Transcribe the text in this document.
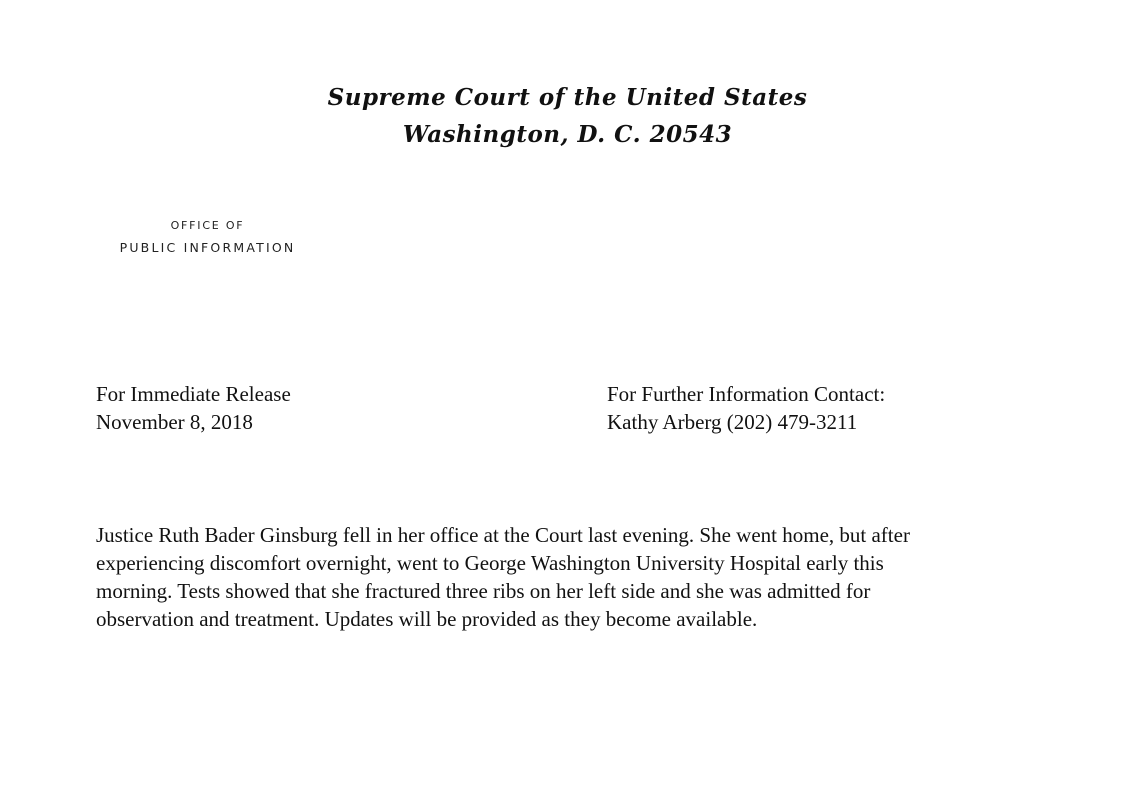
Supreme Court of the United States
Washington, D. C. 20543
OFFICE OF
PUBLIC INFORMATION
For Immediate Release
November 8, 2018
For Further Information Contact:
Kathy Arberg (202) 479-3211
Justice Ruth Bader Ginsburg fell in her office at the Court last evening. She went home, but after
experiencing discomfort overnight, went to George Washington University Hospital early this
morning. Tests showed that she fractured three ribs on her left side and she was admitted for
observation and treatment. Updates will be provided as they become available.
